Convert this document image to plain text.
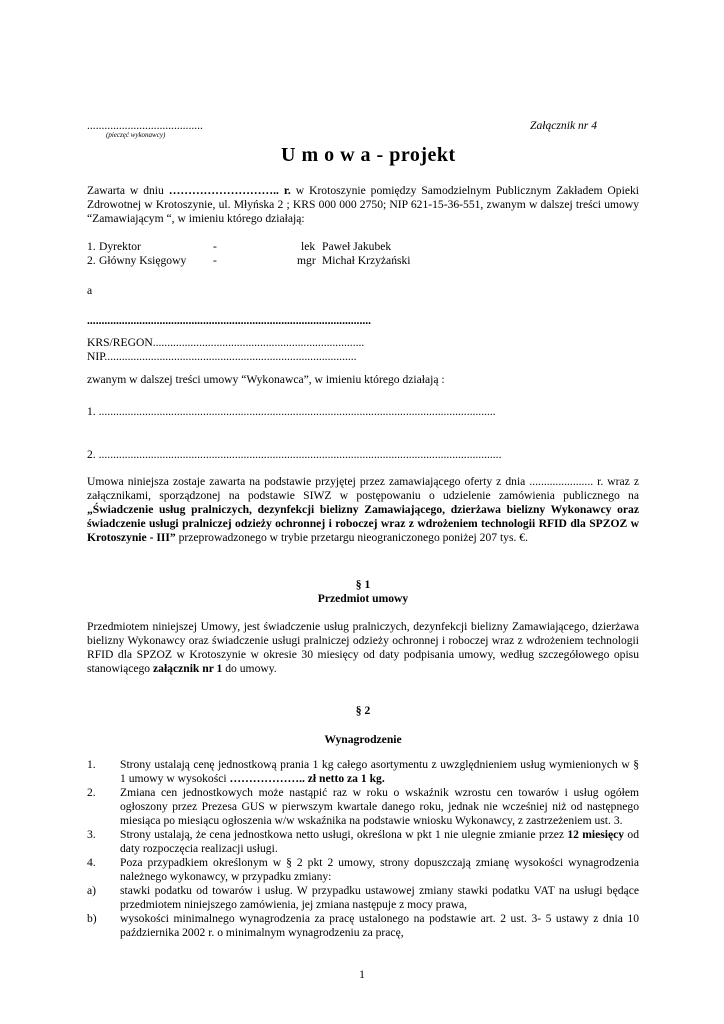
........................................
(pieczęć wykonawcy)
Załącznik nr 4
U m o w a - projekt
Zawarta w dniu ……………………….. r. w Krotoszynie pomiędzy Samodzielnym Publicznym Zakładem Opieki Zdrowotnej w Krotoszynie, ul. Młyńska 2 ; KRS 000 000 2750; NIP 621-15-36-551, zwanym w dalszej treści umowy “Zamawiającym “, w imieniu którego działają:
1. Dyrektor	-	lek Paweł Jakubek
2. Główny Księgowy -	mgr Michał Krzyżański
a
..................................................................................................
KRS/REGON.........................................................................
NIP.......................................................................................
zwanym w dalszej treści umowy “Wykonawca”, w imieniu którego działają :
1. .........................................................................................................................................
2. ...........................................................................................................................................
Umowa niniejsza zostaje zawarta na podstawie przyjętej przez zamawiającego oferty z dnia ...................... r. wraz z załącznikami, sporządzonej na podstawie SIWZ w postępowaniu o udzielenie zamówienia publicznego na „Świadczenie usług pralniczych, dezynfekcji bielizny Zamawiającego, dzierżawa bielizny Wykonawcy oraz świadczenie usługi pralniczej odzieży ochronnej i roboczej wraz z wdrożeniem technologii RFID dla SPZOZ w Krotoszynie - III” przeprowadzonego w trybie przetargu nieograniczonego poniżej 207 tys. €.
§ 1
Przedmiot umowy
Przedmiotem niniejszej Umowy, jest świadczenie usług pralniczych, dezynfekcji bielizny Zamawiającego, dzierżawa bielizny Wykonawcy oraz świadczenie usługi pralniczej odzieży ochronnej i roboczej wraz z wdrożeniem technologii RFID dla SPZOZ w Krotoszynie w okresie 30 miesięcy od daty podpisania umowy, według szczegółowego opisu stanowiącego załącznik nr 1 do umowy.
§ 2
Wynagrodzenie
1. Strony ustalają cenę jednostkową prania 1 kg całego asortymentu z uwzględnieniem usług wymienionych w § 1 umowy w wysokości ……………….. zł netto za 1 kg.
2. Zmiana cen jednostkowych może nastąpić raz w roku o wskaźnik wzrostu cen towarów i usług ogółem ogłoszony przez Prezesa GUS w pierwszym kwartale danego roku, jednak nie wcześniej niż od następnego miesiąca po miesiącu ogłoszenia w/w wskaźnika na podstawie wniosku Wykonawcy, z zastrzeżeniem ust. 3.
3. Strony ustalają, że cena jednostkowa netto usługi, określona w pkt 1 nie ulegnie zmianie przez 12 miesięcy od daty rozpoczęcia realizacji usługi.
4. Poza przypadkiem określonym w § 2 pkt 2 umowy, strony dopuszczają zmianę wysokości wynagrodzenia należnego wykonawcy, w przypadku zmiany:
a) stawki podatku od towarów i usług. W przypadku ustawowej zmiany stawki podatku VAT na usługi będące przedmiotem niniejszego zamówienia, jej zmiana następuje z mocy prawa,
b) wysokości minimalnego wynagrodzenia za pracę ustalonego na podstawie art. 2 ust. 3- 5 ustawy z dnia 10 października 2002 r. o minimalnym wynagrodzeniu za pracę,
1
